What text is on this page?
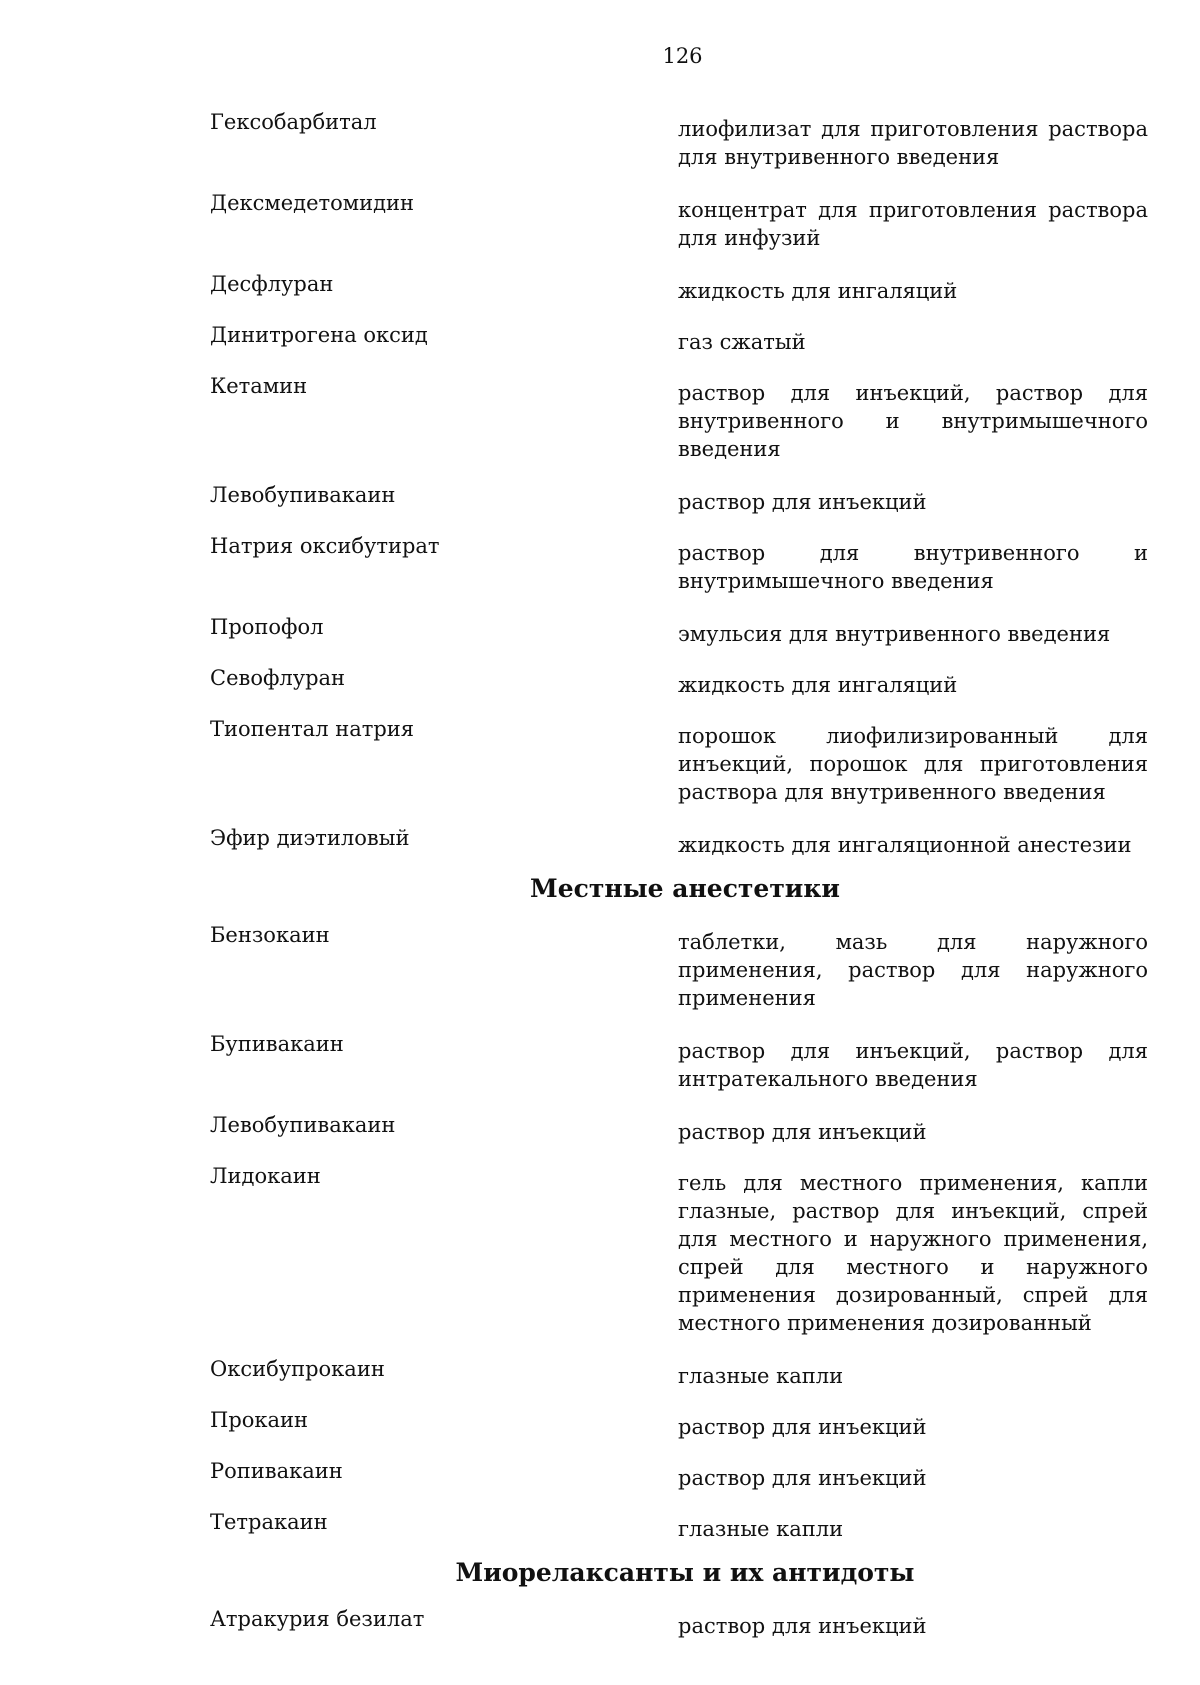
126
Гексобарбитал	лиофилизат для приготовления раствора для внутривенного введения
Дексмедетомидин	концентрат для приготовления раствора для инфузий
Десфлуран	жидкость для ингаляций
Динитрогена оксид	газ сжатый
Кетамин	раствор для инъекций, раствор для внутривенного и внутримышечного введения
Левобупивакаин	раствор для инъекций
Натрия оксибутират	раствор для внутривенного и внутримышечного введения
Пропофол	эмульсия для внутривенного введения
Севофлуран	жидкость для ингаляций
Тиопентал натрия	порошок лиофилизированный для инъекций, порошок для приготовления раствора для внутривенного введения
Эфир диэтиловый	жидкость для ингаляционной анестезии
Местные анестетики
Бензокаин	таблетки, мазь для наружного применения, раствор для наружного применения
Бупивакаин	раствор для инъекций, раствор для интратекального введения
Левобупивакаин	раствор для инъекций
Лидокаин	гель для местного применения, капли глазные, раствор для инъекций, спрей для местного и наружного применения, спрей для местного и наружного применения дозированный, спрей для местного применения дозированный
Оксибупрокаин	глазные капли
Прокаин	раствор для инъекций
Ропивакаин	раствор для инъекций
Тетракаин	глазные капли
Миорелаксанты и их антидоты
Атракурия безилат	раствор для инъекций
